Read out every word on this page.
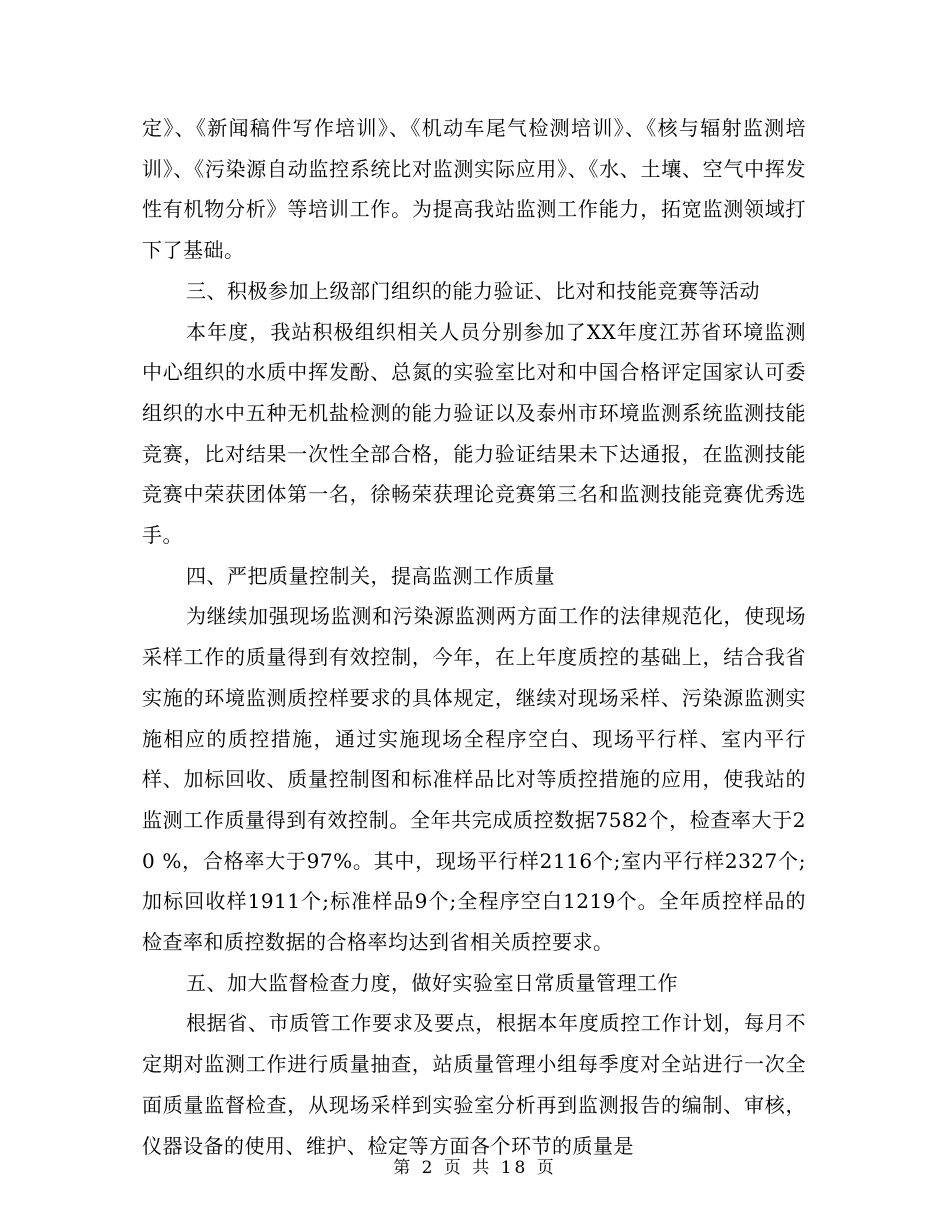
定》、《新闻稿件写作培训》、《机动车尾气检测培训》、《核与辐射监测培训》、《污染源自动监控系统比对监测实际应用》、《水、土壤、空气中挥发性有机物分析》等培训工作。为提高我站监测工作能力，拓宽监测领域打下了基础。

三、积极参加上级部门组织的能力验证、比对和技能竞赛等活动

本年度，我站积极组织相关人员分别参加了XX年度江苏省环境监测中心组织的水质中挥发酚、总氮的实验室比对和中国合格评定国家认可委组织的水中五种无机盐检测的能力验证以及泰州市环境监测系统监测技能竞赛，比对结果一次性全部合格，能力验证结果未下达通报，在监测技能竞赛中荣获团体第一名，徐畅荣获理论竞赛第三名和监测技能竞赛优秀选手。

四、严把质量控制关，提高监测工作质量

为继续加强现场监测和污染源监测两方面工作的法律规范化，使现场采样工作的质量得到有效控制，今年，在上年度质控的基础上，结合我省实施的环境监测质控样要求的具体规定，继续对现场采样、污染源监测实施相应的质控措施，通过实施现场全程序空白、现场平行样、室内平行样、加标回收、质量控制图和标准样品比对等质控措施的应用，使我站的监测工作质量得到有效控制。全年共完成质控数据7582个，检查率大于20 %，合格率大于97%。其中，现场平行样2116个;室内平行样2327个;加标回收样1911个;标准样品9个;全程序空白1219个。全年质控样品的检查率和质控数据的合格率均达到省相关质控要求。

五、加大监督检查力度，做好实验室日常质量管理工作

根据省、市质管工作要求及要点，根据本年度质控工作计划，每月不定期对监测工作进行质量抽查，站质量管理小组每季度对全站进行一次全面质量监督检查，从现场采样到实验室分析再到监测报告的编制、审核，仪器设备的使用、维护、检定等方面各个环节的质量是

第 2 页 共 18 页
